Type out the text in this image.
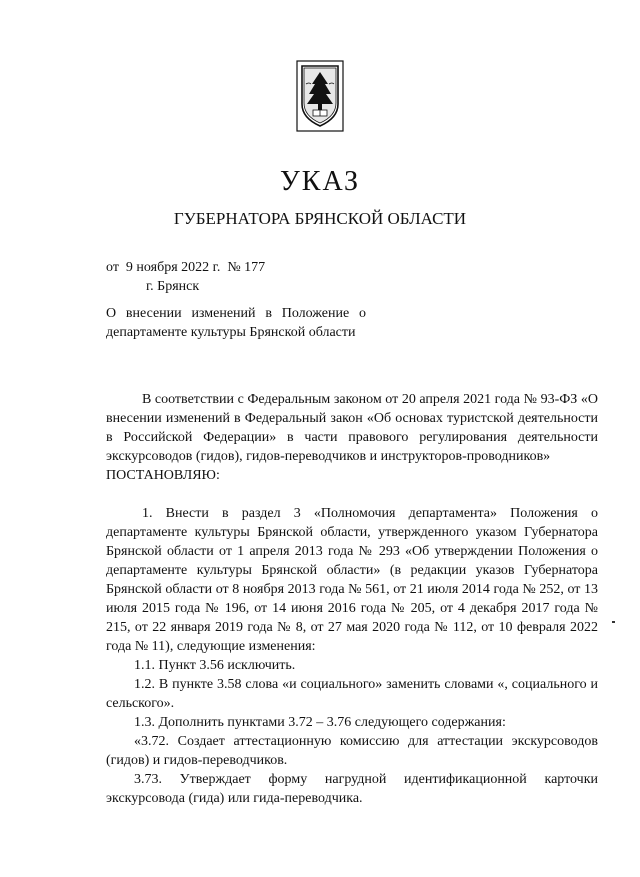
УКАЗ
ГУБЕРНАТОРА БРЯНСКОЙ ОБЛАСТИ
от  9 ноября 2022 г.  № 177
г. Брянск
О внесении изменений в Положение о департаменте культуры Брянской области

В соответствии с Федеральным законом от 20 апреля 2021 года № 93-ФЗ «О внесении изменений в Федеральный закон «Об основах туристской деятельности в Российской Федерации» в части правового регулирования деятельности экскурсоводов (гидов), гидов-переводчиков и инструкторов-проводников»

ПОСТАНОВЛЯЮ:

1. Внести в раздел 3 «Полномочия департамента» Положения о департаменте культуры Брянской области, утвержденного указом Губернатора Брянской области от 1 апреля 2013 года № 293 «Об утверждении Положения о департаменте культуры Брянской области» (в редакции указов Губернатора Брянской области от 8 ноября 2013 года № 561, от 21 июля 2014 года № 252, от 13 июля 2015 года № 196, от 14 июня 2016 года № 205, от 4 декабря 2017 года № 215, от 22 января 2019 года № 8, от 27 мая 2020 года № 112, от 10 февраля 2022 года № 11), следующие изменения:

1.1. Пункт 3.56 исключить.

1.2. В пункте 3.58 слова «и социального» заменить словами «, социального и сельского».

1.3. Дополнить пунктами 3.72 – 3.76 следующего содержания:

«3.72. Создает аттестационную комиссию для аттестации экскурсоводов (гидов) и гидов-переводчиков.

3.73. Утверждает форму нагрудной идентификационной карточки экскурсовода (гида) или гида-переводчика.
